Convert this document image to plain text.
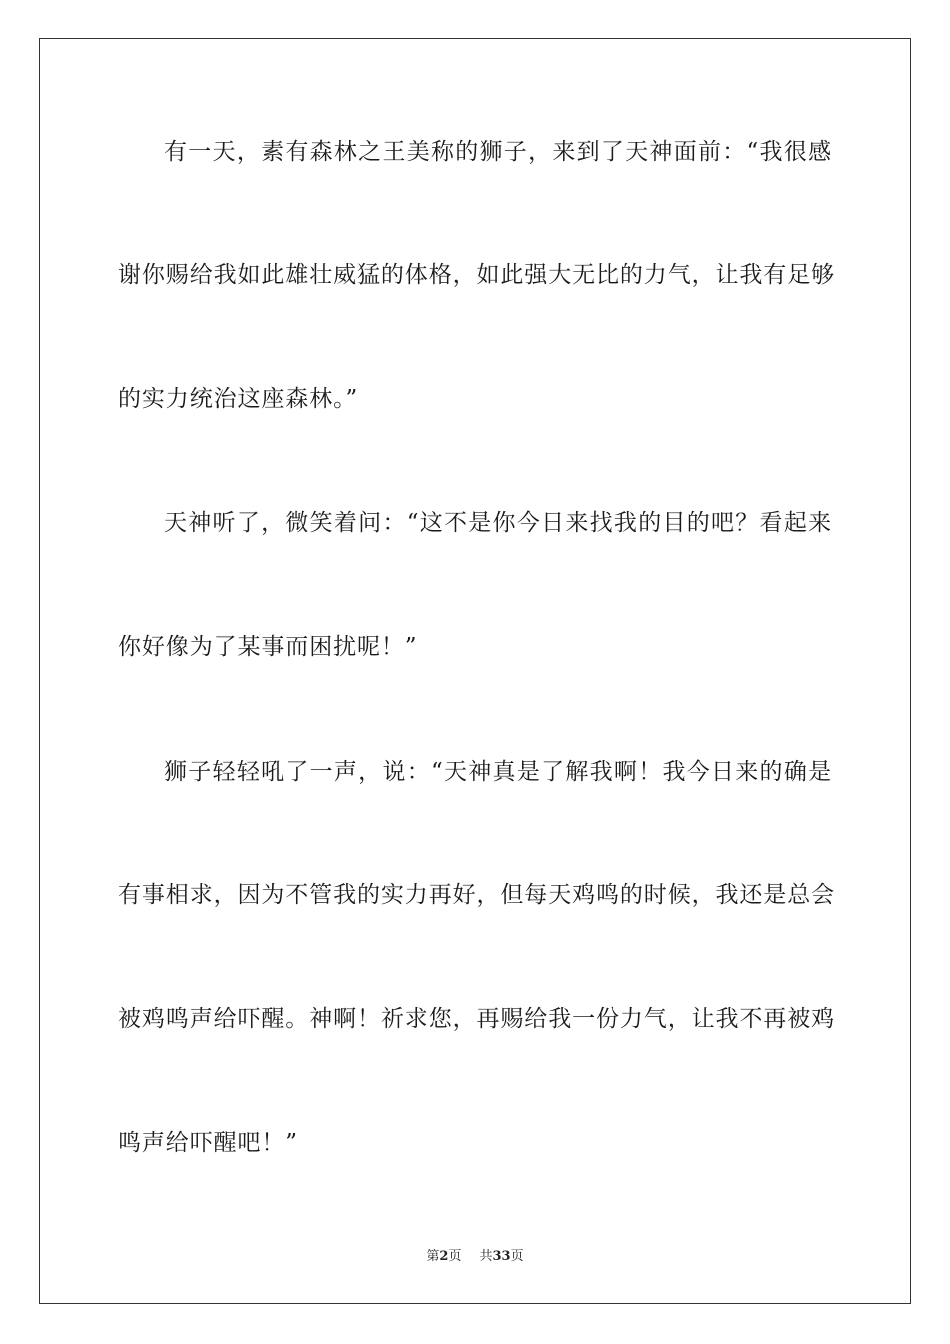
有一天，素有森林之王美称的狮子，来到了天神面前：“我很感
谢你赐给我如此雄壮威猛的体格，如此强大无比的力气，让我有足够
的实力统治这座森林。”
天神听了，微笑着问：“这不是你今日来找我的目的吧？看起来
你好像为了某事而困扰呢！”
狮子轻轻吼了一声，说：“天神真是了解我啊！我今日来的确是
有事相求，因为不管我的实力再好，但每天鸡鸣的时候，我还是总会
被鸡鸣声给吓醒。神啊！祈求您，再赐给我一份力气，让我不再被鸡
鸣声给吓醒吧！”
第2页 共33页
